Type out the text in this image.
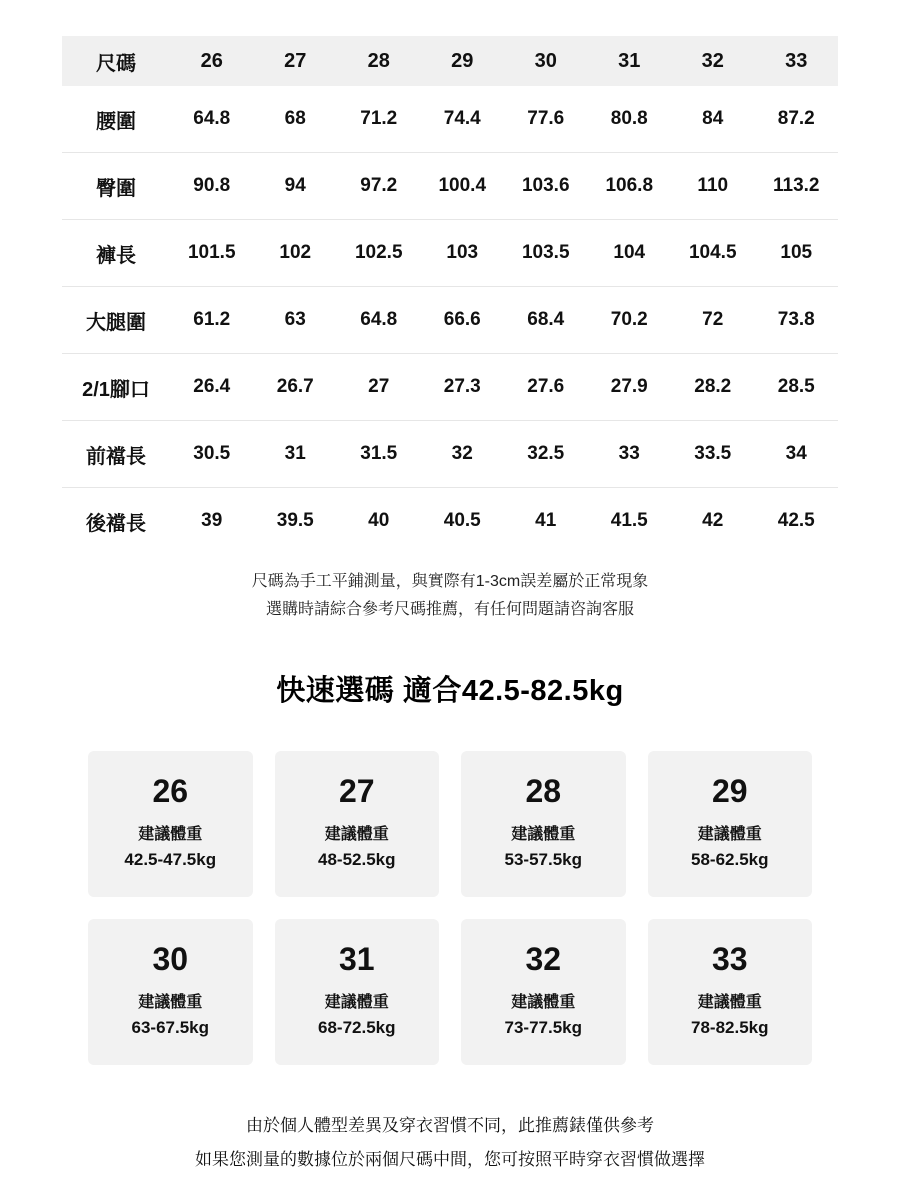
尺碼	26	27	28	29	30	31	32	33
腰圍	64.8	68	71.2	74.4	77.6	80.8	84	87.2
臀圍	90.8	94	97.2	100.4	103.6	106.8	110	113.2
褲長	101.5	102	102.5	103	103.5	104	104.5	105
大腿圍	61.2	63	64.8	66.6	68.4	70.2	72	73.8
2/1腳口	26.4	26.7	27	27.3	27.6	27.9	28.2	28.5
前襠長	30.5	31	31.5	32	32.5	33	33.5	34
後襠長	39	39.5	40	40.5	41	41.5	42	42.5
尺碼為手工平鋪測量，與實際有1-3cm誤差屬於正常現象
選購時請綜合參考尺碼推薦，有任何問題請咨詢客服
快速選碼 適合42.5-82.5kg
26
建議體重
42.5-47.5kg
27
建議體重
48-52.5kg
28
建議體重
53-57.5kg
29
建議體重
58-62.5kg
30
建議體重
63-67.5kg
31
建議體重
68-72.5kg
32
建議體重
73-77.5kg
33
建議體重
78-82.5kg
由於個人體型差異及穿衣習慣不同，此推薦錶僅供參考
如果您測量的數據位於兩個尺碼中間，您可按照平時穿衣習慣做選擇
